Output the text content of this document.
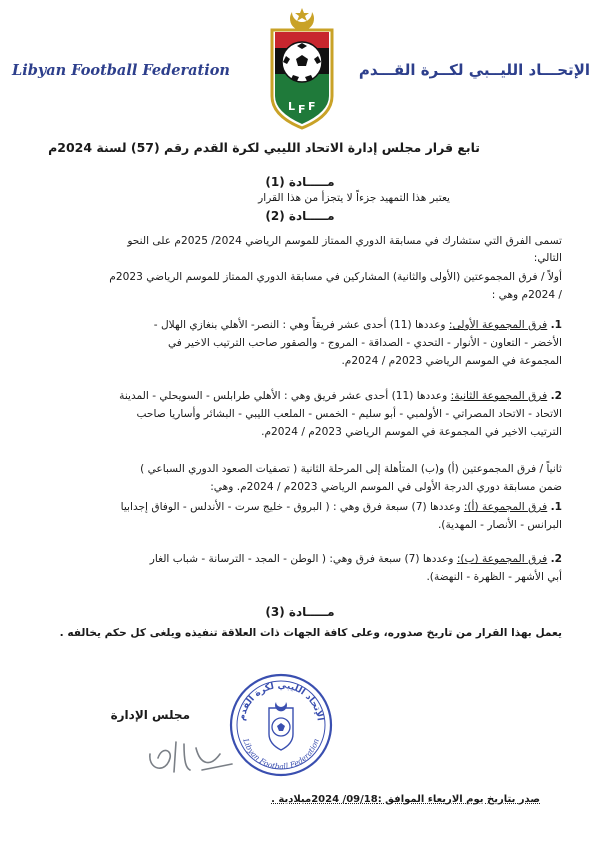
Libyan Football Federation	الإتحـــاد الليــبي لكــرة القـــدم
L F F
تابع قرار مجلس إدارة الاتحاد الليبي لكرة القدم رقم (57) لسنة 2024م
مـــــادة (1)
يعتبر هذا التمهيد جزءاً لا يتجزأ من هذا القرار
مـــــادة (2)
تسمى الفرق التي ستشارك في مسابقة الدوري الممتاز للموسم الرياضي 2024/ 2025م على النحو
التالي:
أولاً / فرق المجموعتين (الأولى والثانية) المشاركين في مسابقة الدوري الممتاز للموسم الرياضي 2023م
/ 2024م وهي :
1. فرق المجموعة الأولى: وعددها (11) أحدى عشر فريقاً وهي : النصر- الأهلي بنغازي الهلال -
الأخضر - التعاون - الأنوار - التحدي - الصداقة - المروج - والصقور صاحب الترتيب الاخير في
المجموعة في الموسم الرياضي 2023م / 2024م.
2. فرق المجموعة الثانية: وعددها (11) أحدى عشر فريق وهي : الأهلي طرابلس - السويحلي - المدينة
الاتحاد - الاتحاد المصراتي - الأولمبي - أبو سليم - الخمس - الملعب الليبي - البشائر وأساريا صاحب
الترتيب الاخير في المجموعة في الموسم الرياضي 2023م / 2024م.
ثانياً / فرق المجموعتين (أ) و(ب) المتأهلة إلى المرحلة الثانية ( تصفيات الصعود الدوري السباعي )
ضمن مسابقة دوري الدرجة الأولى في الموسم الرياضي 2023م / 2024م. وهي:
1. فرق المجموعة (أ): وعددها (7) سبعة فرق وهي : ( البروق - خليج سرت - الأندلس - الوفاق إجدابيا
البرانس - الأنصار - المهدية).
2. فرق المجموعة (ب): وعددها (7) سبعة فرق وهي: ( الوطن - المجد - الترسانة - شباب الغار
أبي الأشهر - الظهرة - النهضة).
مـــــادة (3)
يعمل بهذا القرار من تاريخ صدوره، وعلى كافة الجهات ذات العلاقة تنفيذه ويلغى كل حكم يخالفه .
مجلس الإدارة	الإتحاد الليبي لكرة القدم
Libyan Football Federation
صدر بتاريخ يوم الاربعاء الموافق :09/18/ 2024ميلادية .
